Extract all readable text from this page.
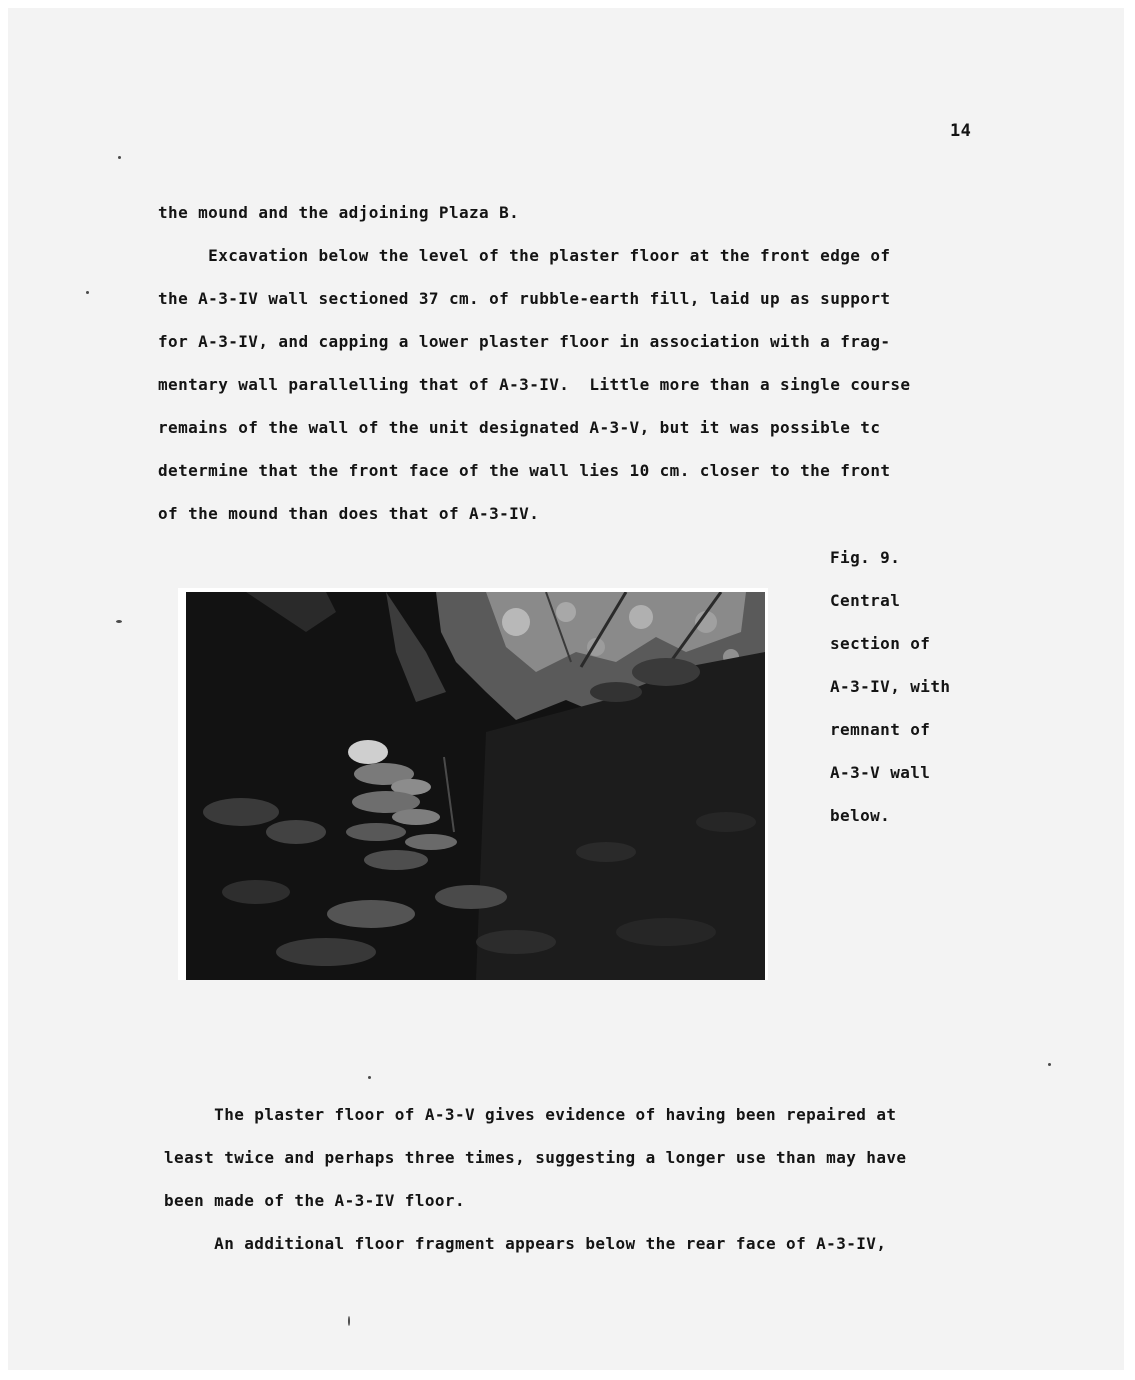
14
the mound and the adjoining Plaza B.
Excavation below the level of the plaster floor at the front edge of
the A-3-IV wall sectioned 37 cm. of rubble-earth fill, laid up as support
for A-3-IV, and capping a lower plaster floor in association with a frag-
mentary wall parallelling that of A-3-IV.  Little more than a single course
remains of the wall of the unit designated A-3-V, but it was possible tc
determine that the front face of the wall lies 10 cm. closer to the front
of the mound than does that of A-3-IV.
Fig. 9.
Central
section of
A-3-IV, with
remnant of
A-3-V wall
below.
The plaster floor of A-3-V gives evidence of having been repaired at
least twice and perhaps three times, suggesting a longer use than may have
been made of the A-3-IV floor.
An additional floor fragment appears below the rear face of A-3-IV,
